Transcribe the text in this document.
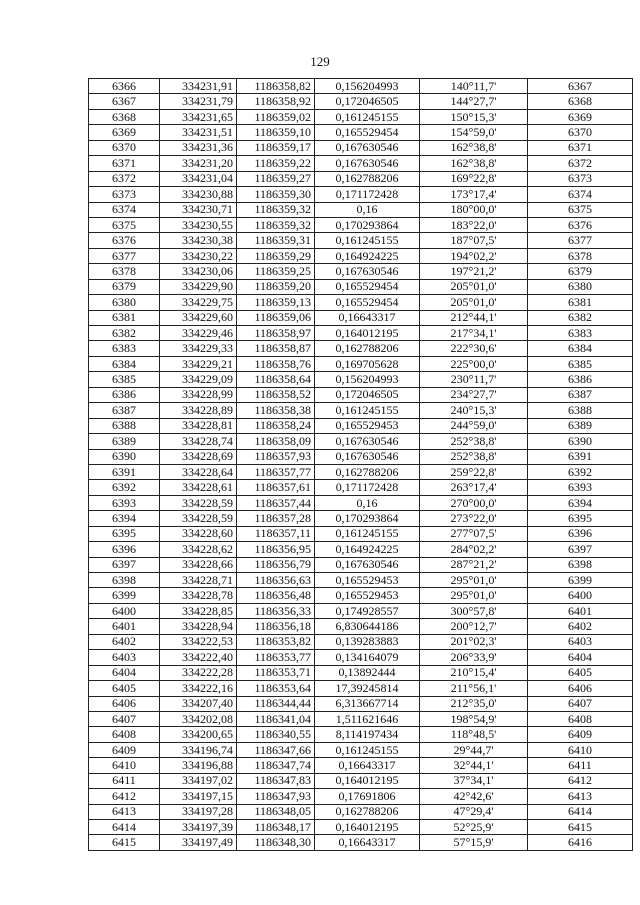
129
6366	334231,91	1186358,82	0,156204993	140°11,7'	6367
6367	334231,79	1186358,92	0,172046505	144°27,7'	6368
6368	334231,65	1186359,02	0,161245155	150°15,3'	6369
6369	334231,51	1186359,10	0,165529454	154°59,0'	6370
6370	334231,36	1186359,17	0,167630546	162°38,8'	6371
6371	334231,20	1186359,22	0,167630546	162°38,8'	6372
6372	334231,04	1186359,27	0,162788206	169°22,8'	6373
6373	334230,88	1186359,30	0,171172428	173°17,4'	6374
6374	334230,71	1186359,32	0,16	180°00,0'	6375
6375	334230,55	1186359,32	0,170293864	183°22,0'	6376
6376	334230,38	1186359,31	0,161245155	187°07,5'	6377
6377	334230,22	1186359,29	0,164924225	194°02,2'	6378
6378	334230,06	1186359,25	0,167630546	197°21,2'	6379
6379	334229,90	1186359,20	0,165529454	205°01,0'	6380
6380	334229,75	1186359,13	0,165529454	205°01,0'	6381
6381	334229,60	1186359,06	0,16643317	212°44,1'	6382
6382	334229,46	1186358,97	0,164012195	217°34,1'	6383
6383	334229,33	1186358,87	0,162788206	222°30,6'	6384
6384	334229,21	1186358,76	0,169705628	225°00,0'	6385
6385	334229,09	1186358,64	0,156204993	230°11,7'	6386
6386	334228,99	1186358,52	0,172046505	234°27,7'	6387
6387	334228,89	1186358,38	0,161245155	240°15,3'	6388
6388	334228,81	1186358,24	0,165529453	244°59,0'	6389
6389	334228,74	1186358,09	0,167630546	252°38,8'	6390
6390	334228,69	1186357,93	0,167630546	252°38,8'	6391
6391	334228,64	1186357,77	0,162788206	259°22,8'	6392
6392	334228,61	1186357,61	0,171172428	263°17,4'	6393
6393	334228,59	1186357,44	0,16	270°00,0'	6394
6394	334228,59	1186357,28	0,170293864	273°22,0'	6395
6395	334228,60	1186357,11	0,161245155	277°07,5'	6396
6396	334228,62	1186356,95	0,164924225	284°02,2'	6397
6397	334228,66	1186356,79	0,167630546	287°21,2'	6398
6398	334228,71	1186356,63	0,165529453	295°01,0'	6399
6399	334228,78	1186356,48	0,165529453	295°01,0'	6400
6400	334228,85	1186356,33	0,174928557	300°57,8'	6401
6401	334228,94	1186356,18	6,830644186	200°12,7'	6402
6402	334222,53	1186353,82	0,139283883	201°02,3'	6403
6403	334222,40	1186353,77	0,134164079	206°33,9'	6404
6404	334222,28	1186353,71	0,13892444	210°15,4'	6405
6405	334222,16	1186353,64	17,39245814	211°56,1'	6406
6406	334207,40	1186344,44	6,313667714	212°35,0'	6407
6407	334202,08	1186341,04	1,511621646	198°54,9'	6408
6408	334200,65	1186340,55	8,114197434	118°48,5'	6409
6409	334196,74	1186347,66	0,161245155	29°44,7'	6410
6410	334196,88	1186347,74	0,16643317	32°44,1'	6411
6411	334197,02	1186347,83	0,164012195	37°34,1'	6412
6412	334197,15	1186347,93	0,17691806	42°42,6'	6413
6413	334197,28	1186348,05	0,162788206	47°29,4'	6414
6414	334197,39	1186348,17	0,164012195	52°25,9'	6415
6415	334197,49	1186348,30	0,16643317	57°15,9'	6416
